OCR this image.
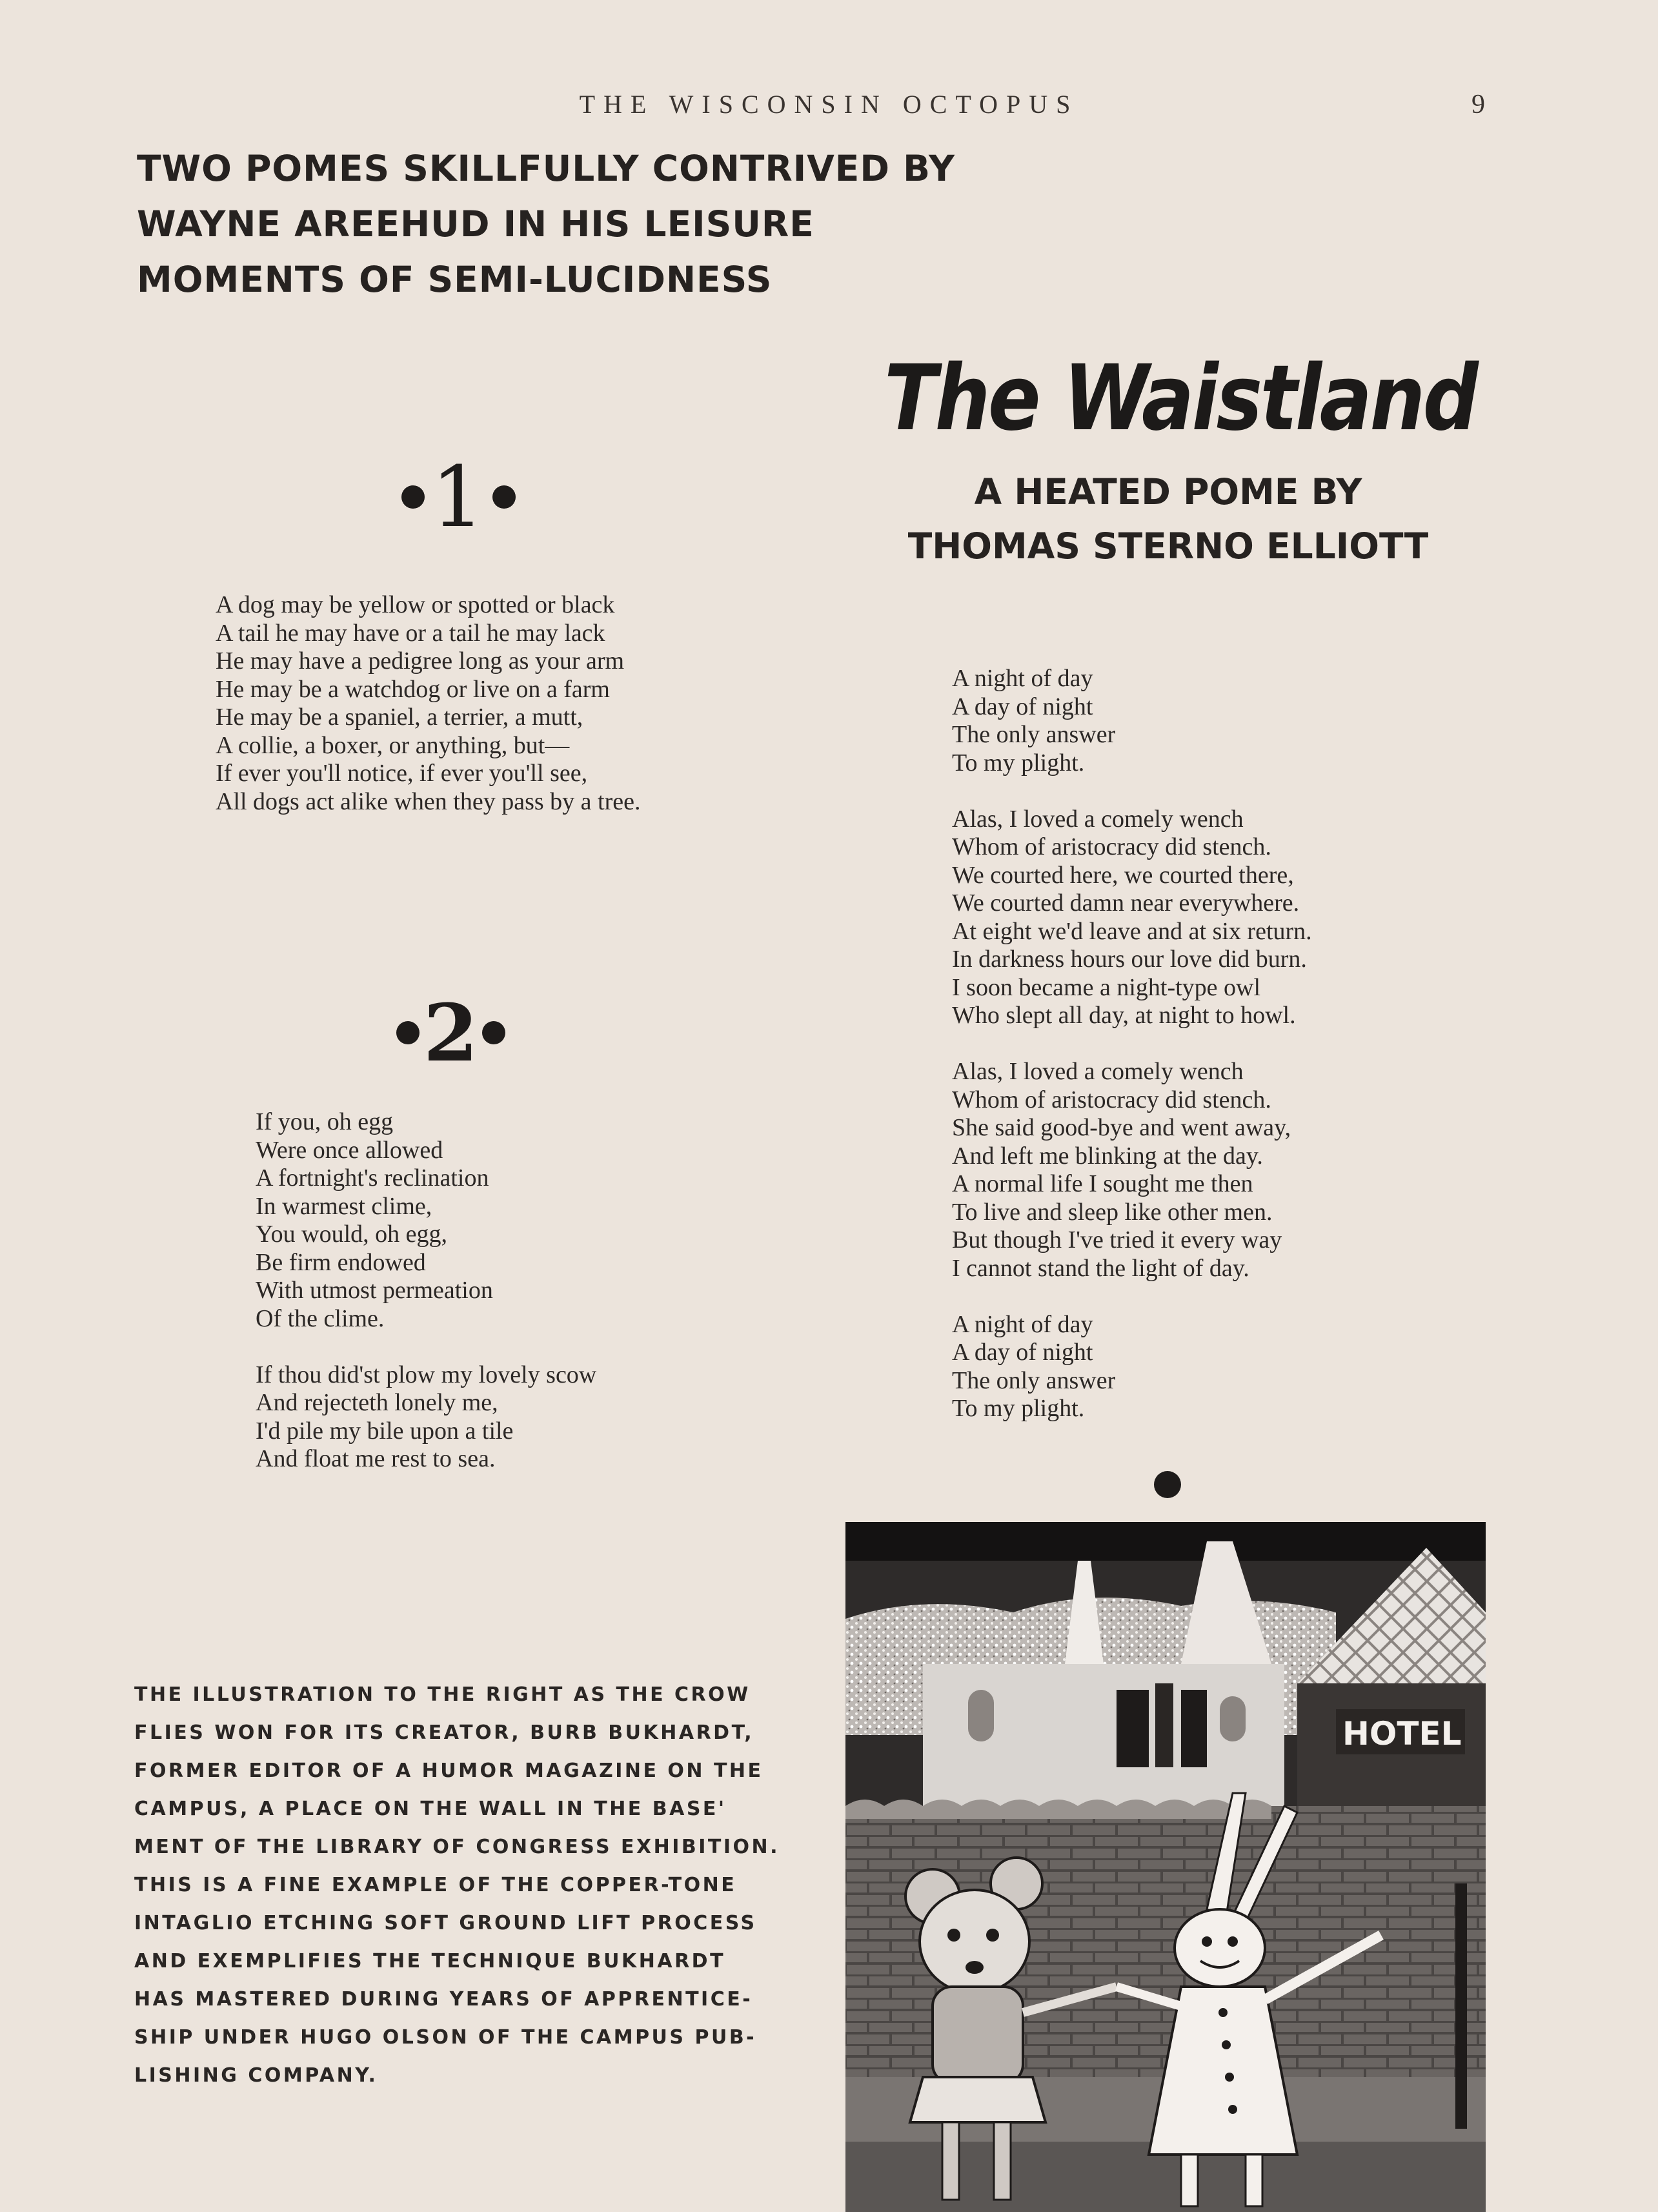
THE WISCONSIN OCTOPUS	9
TWO POMES SKILLFULLY CONTRIVED BY
WAYNE AREEHUD IN HIS LEISURE
MOMENTS OF SEMI-LUCIDNESS
1
A dog may be yellow or spotted or black
A tail he may have or a tail he may lack
He may have a pedigree long as your arm
He may be a watchdog or live on a farm
He may be a spaniel, a terrier, a mutt,
A collie, a boxer, or anything, but—
If ever you'll notice, if ever you'll see,
All dogs act alike when they pass by a tree.
2
If you, oh egg
Were once allowed
A fortnight's reclination
In warmest clime,
You would, oh egg,
Be firm endowed
With utmost permeation
Of the clime.
If thou did'st plow my lovely scow
And rejecteth lonely me,
I'd pile my bile upon a tile
And float me rest to sea.
The Waistland
A HEATED POME BY
THOMAS STERNO ELLIOTT
A night of day
A day of night
The only answer
To my plight.
Alas, I loved a comely wench
Whom of aristocracy did stench.
We courted here, we courted there,
We courted damn near everywhere.
At eight we'd leave and at six return.
In darkness hours our love did burn.
I soon became a night-type owl
Who slept all day, at night to howl.
Alas, I loved a comely wench
Whom of aristocracy did stench.
She said good-bye and went away,
And left me blinking at the day.
A normal life I sought me then
To live and sleep like other men.
But though I've tried it every way
I cannot stand the light of day.
A night of day
A day of night
The only answer
To my plight.
THE ILLUSTRATION TO THE RIGHT AS THE CROW
FLIES WON FOR ITS CREATOR, BURB BUKHARDT,
FORMER EDITOR OF A HUMOR MAGAZINE ON THE
CAMPUS, A PLACE ON THE WALL IN THE BASE'
MENT OF THE LIBRARY OF CONGRESS EXHIBITION.
THIS IS A FINE EXAMPLE OF THE COPPER-TONE
INTAGLIO ETCHING SOFT GROUND LIFT PROCESS
AND EXEMPLIFIES THE TECHNIQUE BUKHARDT
HAS MASTERED DURING YEARS OF APPRENTICE-
SHIP UNDER HUGO OLSON OF THE CAMPUS PUB-
LISHING COMPANY.
HOTEL
